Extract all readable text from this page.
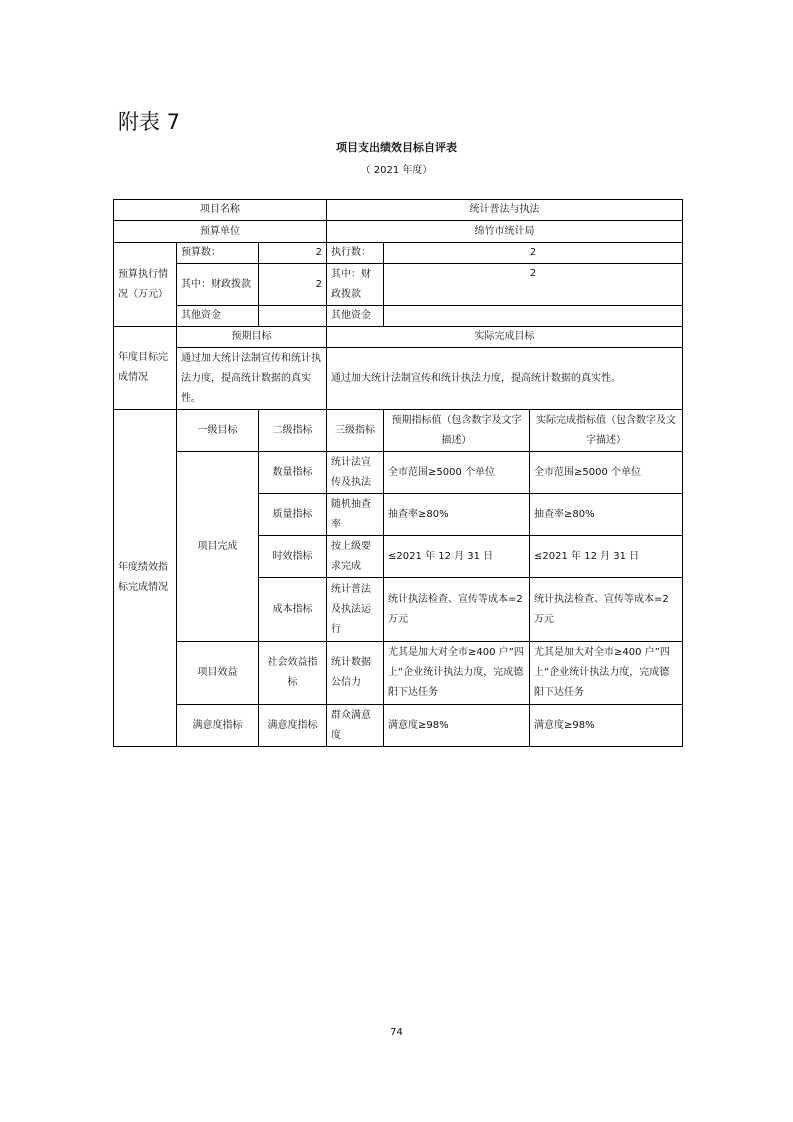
附表 7
项目支出绩效目标自评表
（ 2021 年度）
项目名称			统计普法与执法		
预算单位			绵竹市统计局		
预算执行情况（万元）	预算数：	2	执行数：	2	
	其中：财政拨款	2	其中：财政拨款	2	
	其他资金		其他资金		
年度目标完成情况	预期目标		实际完成目标		
	通过加大统计法制宣传和统计执法力度，提高统计数据的真实性。		通过加大统计法制宣传和统计执法力度，提高统计数据的真实性。		
年度绩效指标完成情况	一级目标	二级指标	三级指标	预期指标值（包含数字及文字描述）	实际完成指标值（包含数字及文字描述）
	项目完成	数量指标	统计法宣传及执法	全市范围≥5000 个单位	全市范围≥5000 个单位
		质量指标	随机抽查率	抽查率≥80%	抽查率≥80%
		时效指标	按上级要求完成	≤2021 年 12 月 31 日	≤2021 年 12 月 31 日
		成本指标	统计普法及执法运行	统计执法检查、宣传等成本=2 万元	统计执法检查、宣传等成本=2 万元
	项目效益	社会效益指标	统计数据公信力	尤其是加大对全市≥400 户”四上“企业统计执法力度，完成德阳下达任务	尤其是加大对全市≥400 户”四上“企业统计执法力度，完成德阳下达任务
	满意度指标	满意度指标	群众满意度	满意度≥98%	满意度≥98%
74
